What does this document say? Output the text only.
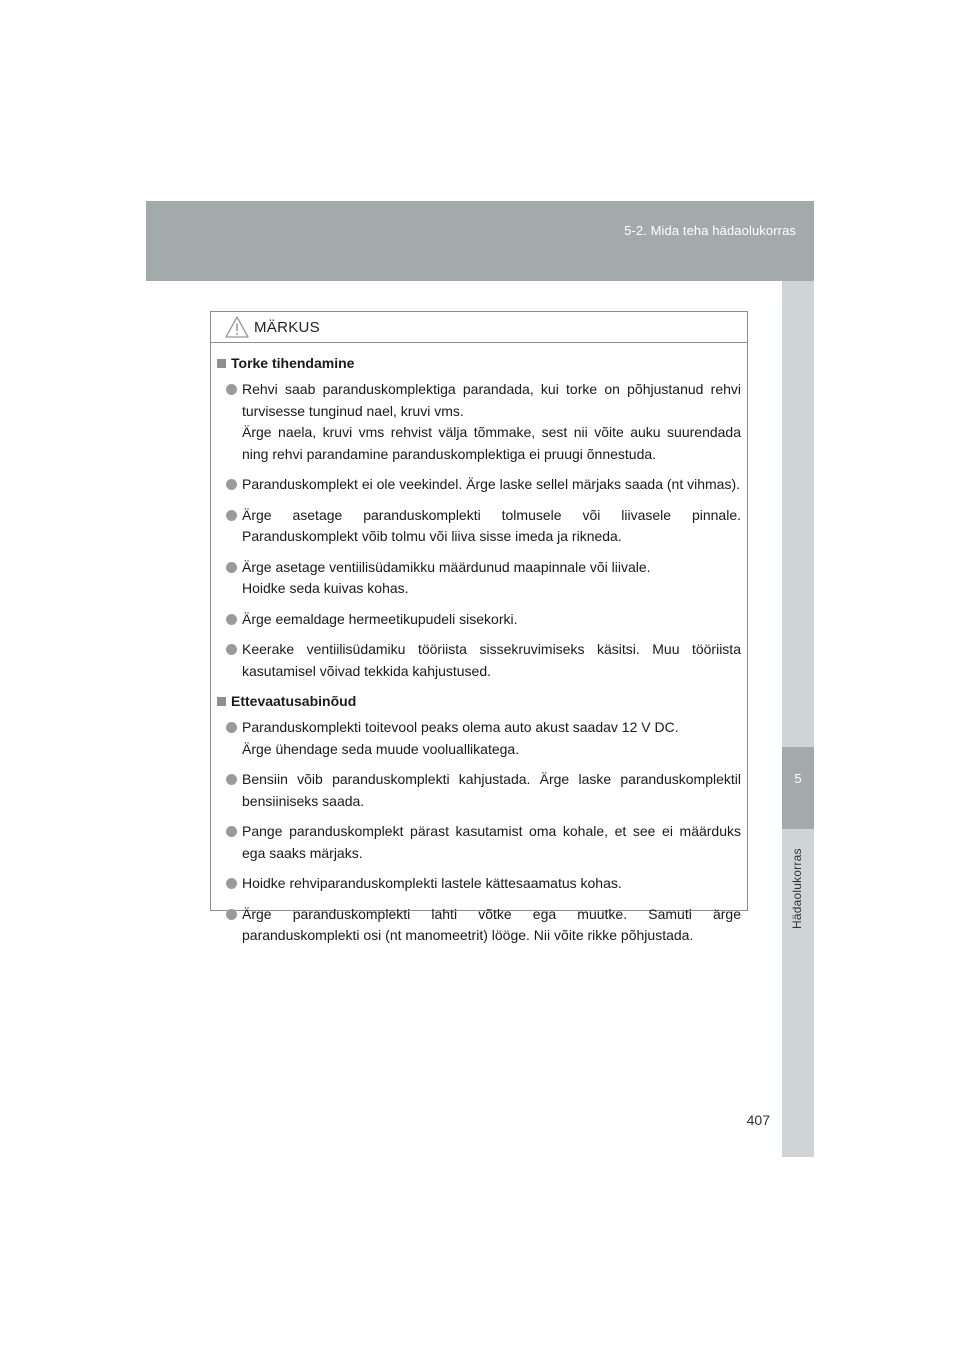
5-2. Mida teha hädaolukorras
5
Hädaolukorras
MÄRKUS
Torke tihendamine
Rehvi saab paranduskomplektiga parandada, kui torke on põhjustanud rehvi turvisesse tunginud nael, kruvi vms.
Ärge naela, kruvi vms rehvist välja tõmmake, sest nii võite auku suurendada ning rehvi parandamine paranduskomplektiga ei pruugi õnnestuda.
Paranduskomplekt ei ole veekindel. Ärge laske sellel märjaks saada (nt vihmas).
Ärge asetage paranduskomplekti tolmusele või liivasele pinnale. Paranduskomplekt võib tolmu või liiva sisse imeda ja rikneda.
Ärge asetage ventiilisüdamikku määrdunud maapinnale või liivale.
Hoidke seda kuivas kohas.
Ärge eemaldage hermeetikupudeli sisekorki.
Keerake ventiilisüdamiku tööriista sissekruvimiseks käsitsi. Muu tööriista kasutamisel võivad tekkida kahjustused.
Ettevaatusabinõud
Paranduskomplekti toitevool peaks olema auto akust saadav 12 V DC.
Ärge ühendage seda muude vooluallikatega.
Bensiin võib paranduskomplekti kahjustada. Ärge laske paranduskomplektil bensiiniseks saada.
Pange paranduskomplekt pärast kasutamist oma kohale, et see ei määrduks ega saaks märjaks.
Hoidke rehviparanduskomplekti lastele kättesaamatus kohas.
Ärge paranduskomplekti lahti võtke ega muutke. Samuti ärge paranduskomplekti osi (nt manomeetrit) lööge. Nii võite rikke põhjustada.
407
